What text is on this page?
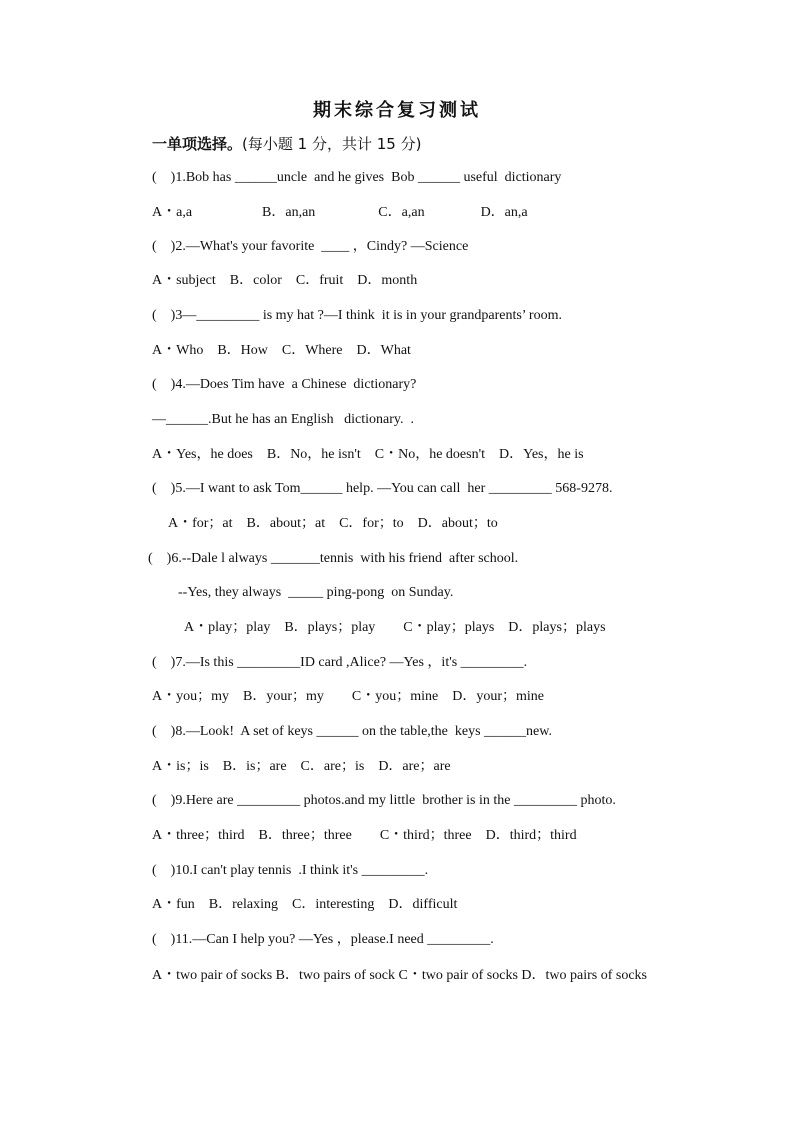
期末综合复习测试
一单项选择。(每小题 1 分，共计 15 分)
(    )1.Bob has ______uncle  and he gives  Bob ______ useful  dictionary
A・a,a                    B．an,an                  C．a,an                D．an,a
(    )2.—What's your favorite  ____ ，Cindy? —Science
A・subject    B．color    C．fruit    D．month
(    )3—_________ is my hat ?—I think  it is in your grandparents’ room.
A・Who    B．How    C．Where    D．What
(    )4.—Does Tim have  a Chinese  dictionary?
—______.But he has an English   dictionary.  .
A・Yes，he does    B．No，he isn't    C・No，he doesn't    D．Yes，he is
(    )5.—I want to ask Tom______ help. —You can call  her _________ 568-9278.
A・for；at    B．about；at    C．for；to    D．about；to
(    )6.--Dale l always _______tennis  with his friend  after school.
--Yes, they always  _____ ping-pong  on Sunday.
A・play；play    B．plays；play        C・play；plays    D．plays；plays
(    )7.—Is this _________ID card ,Alice? —Yes ，it's _________.
A・you；my    B．your；my        C・you；mine    D．your；mine
(    )8.—Look!  A set of keys ______ on the table,the  keys ______new.
A・is；is    B．is；are    C．are；is    D．are；are
(    )9.Here are _________ photos.and my little  brother is in the _________ photo.
A・three；third    B．three；three        C・third；three    D．third；third
(    )10.I can't play tennis  .I think it's _________.
A・fun    B．relaxing    C．interesting    D．difficult
(    )11.—Can I help you? —Yes ，please.I need _________.
A・two pair of socks B．two pairs of sock C・two pair of socks D．two pairs of socks
